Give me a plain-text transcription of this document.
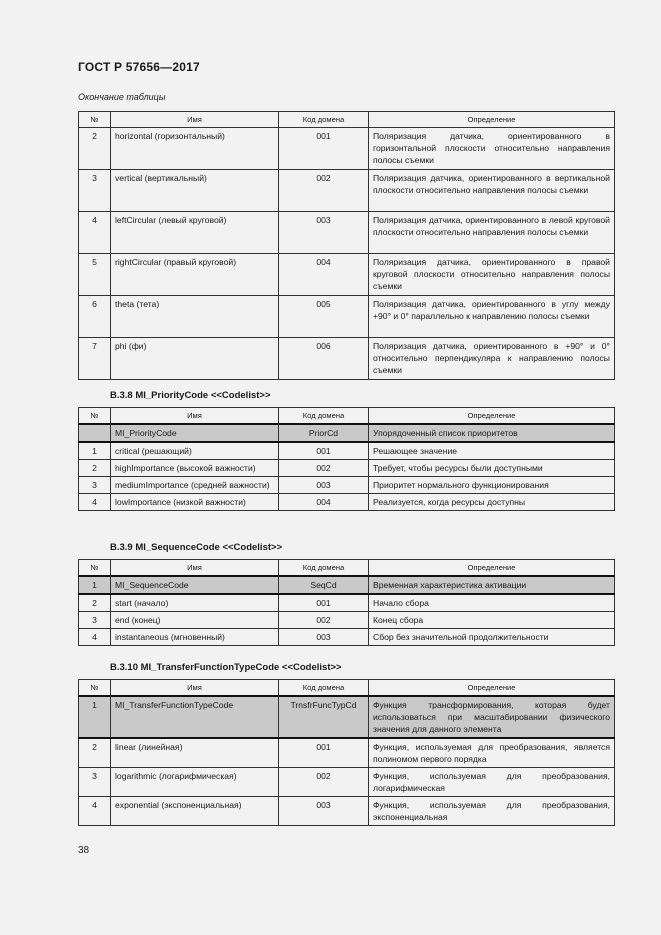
ГОСТ Р 57656—2017
Окончание таблицы
№	Имя	Код домена	Определение
2	horizontal (горизонтальный)	001	Поляризация датчика, ориентированного в горизонтальной плоскости относительно направления полосы съемки
3	vertical (вертикальный)	002	Поляризация датчика, ориентированного в вертикальной плоскости относительно направления полосы съемки
4	leftCircular (левый круговой)	003	Поляризация датчика, ориентированного в левой круговой плоскости относительно направления полосы съемки
5	rightCircular (правый круговой)	004	Поляризация датчика, ориентированного в правой круговой плоскости относительно направления полосы съемки
6	theta (тета)	005	Поляризация датчика, ориентированного в углу между +90° и 0° параллельно к направлению полосы съемки
7	phi (фи)	006	Поляризация датчика, ориентированного в +90° и 0° относительно перпендикуляра к направлению полосы съемки
B.3.8 MI_PriorityCode <<Codelist>>
№	Имя	Код домена	Определение
	MI_PriorityCode	PriorCd	Упорядоченный список приоритетов
1	critical (решающий)	001	Решающее значение
2	highImportance (высокой важности)	002	Требует, чтобы ресурсы были доступными
3	mediumImportance (средней важности)	003	Приоритет нормального функционирования
4	lowImportance (низкой важности)	004	Реализуется, когда ресурсы доступны
B.3.9 MI_SequenceCode <<Codelist>>
№	Имя	Код домена	Определение
1	MI_SequenceCode	SeqCd	Временная характеристика активации
2	start (начало)	001	Начало сбора
3	end (конец)	002	Конец сбора
4	instantaneous (мгновенный)	003	Сбор без значительной продолжительности
B.3.10 MI_TransferFunctionTypeCode <<Codelist>>
№	Имя	Код домена	Определение
1	MI_TransferFunctionTypeCode	TrnsfrFuncTypCd	Функция трансформирования, которая будет использоваться при масштабировании физического значения для данного элемента
2	linear (линейная)	001	Функция, используемая для преобразования, является полиномом первого порядка
3	logarithmic (логарифмическая)	002	Функция, используемая для преобразования, логарифмическая
4	exponential (экспоненциальная)	003	Функция, используемая для преобразования, экспоненциальная
38
